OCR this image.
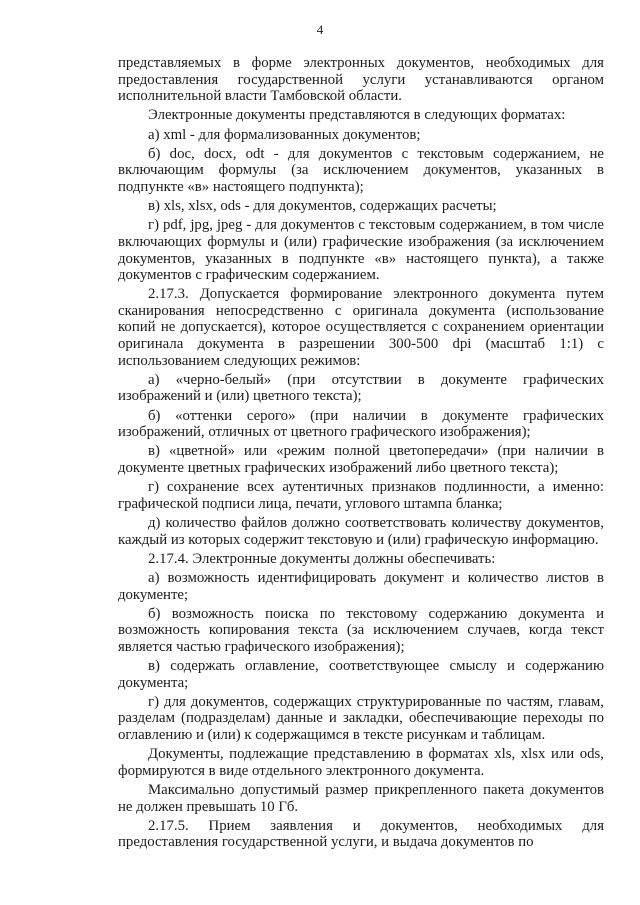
4

представляемых в форме электронных документов, необходимых для предоставления государственной услуги устанавливаются органом исполнительной власти Тамбовской области.

Электронные документы представляются в следующих форматах:

а) xml - для формализованных документов;

б) doc, docx, odt - для документов с текстовым содержанием, не включающим формулы (за исключением документов, указанных в подпункте «в» настоящего подпункта);

в) xls, xlsx, ods - для документов, содержащих расчеты;

г) pdf, jpg, jpeg - для документов с текстовым содержанием, в том числе включающих формулы и (или) графические изображения (за исключением документов, указанных в подпункте «в» настоящего пункта), а также документов с графическим содержанием.

2.17.3. Допускается формирование электронного документа путем сканирования непосредственно с оригинала документа (использование копий не допускается), которое осуществляется с сохранением ориентации оригинала документа в разрешении 300-500 dpi (масштаб 1:1) с использованием следующих режимов:

а) «черно-белый» (при отсутствии в документе графических изображений и (или) цветного текста);

б) «оттенки серого» (при наличии в документе графических изображений, отличных от цветного графического изображения);

в) «цветной» или «режим полной цветопередачи» (при наличии в документе цветных графических изображений либо цветного текста);

г) сохранение всех аутентичных признаков подлинности, а именно: графической подписи лица, печати, углового штампа бланка;

д) количество файлов должно соответствовать количеству документов, каждый из которых содержит текстовую и (или) графическую информацию.

2.17.4. Электронные документы должны обеспечивать:

а) возможность идентифицировать документ и количество листов в документе;

б) возможность поиска по текстовому содержанию документа и возможность копирования текста (за исключением случаев, когда текст является частью графического изображения);

в) содержать оглавление, соответствующее смыслу и содержанию документа;

г) для документов, содержащих структурированные по частям, главам, разделам (подразделам) данные и закладки, обеспечивающие переходы по оглавлению и (или) к содержащимся в тексте рисункам и таблицам.

Документы, подлежащие представлению в форматах xls, xlsx или ods, формируются в виде отдельного электронного документа.

Максимально допустимый размер прикрепленного пакета документов не должен превышать 10 Гб.

2.17.5. Прием заявления и документов, необходимых для предоставления государственной услуги, и выдача документов по
